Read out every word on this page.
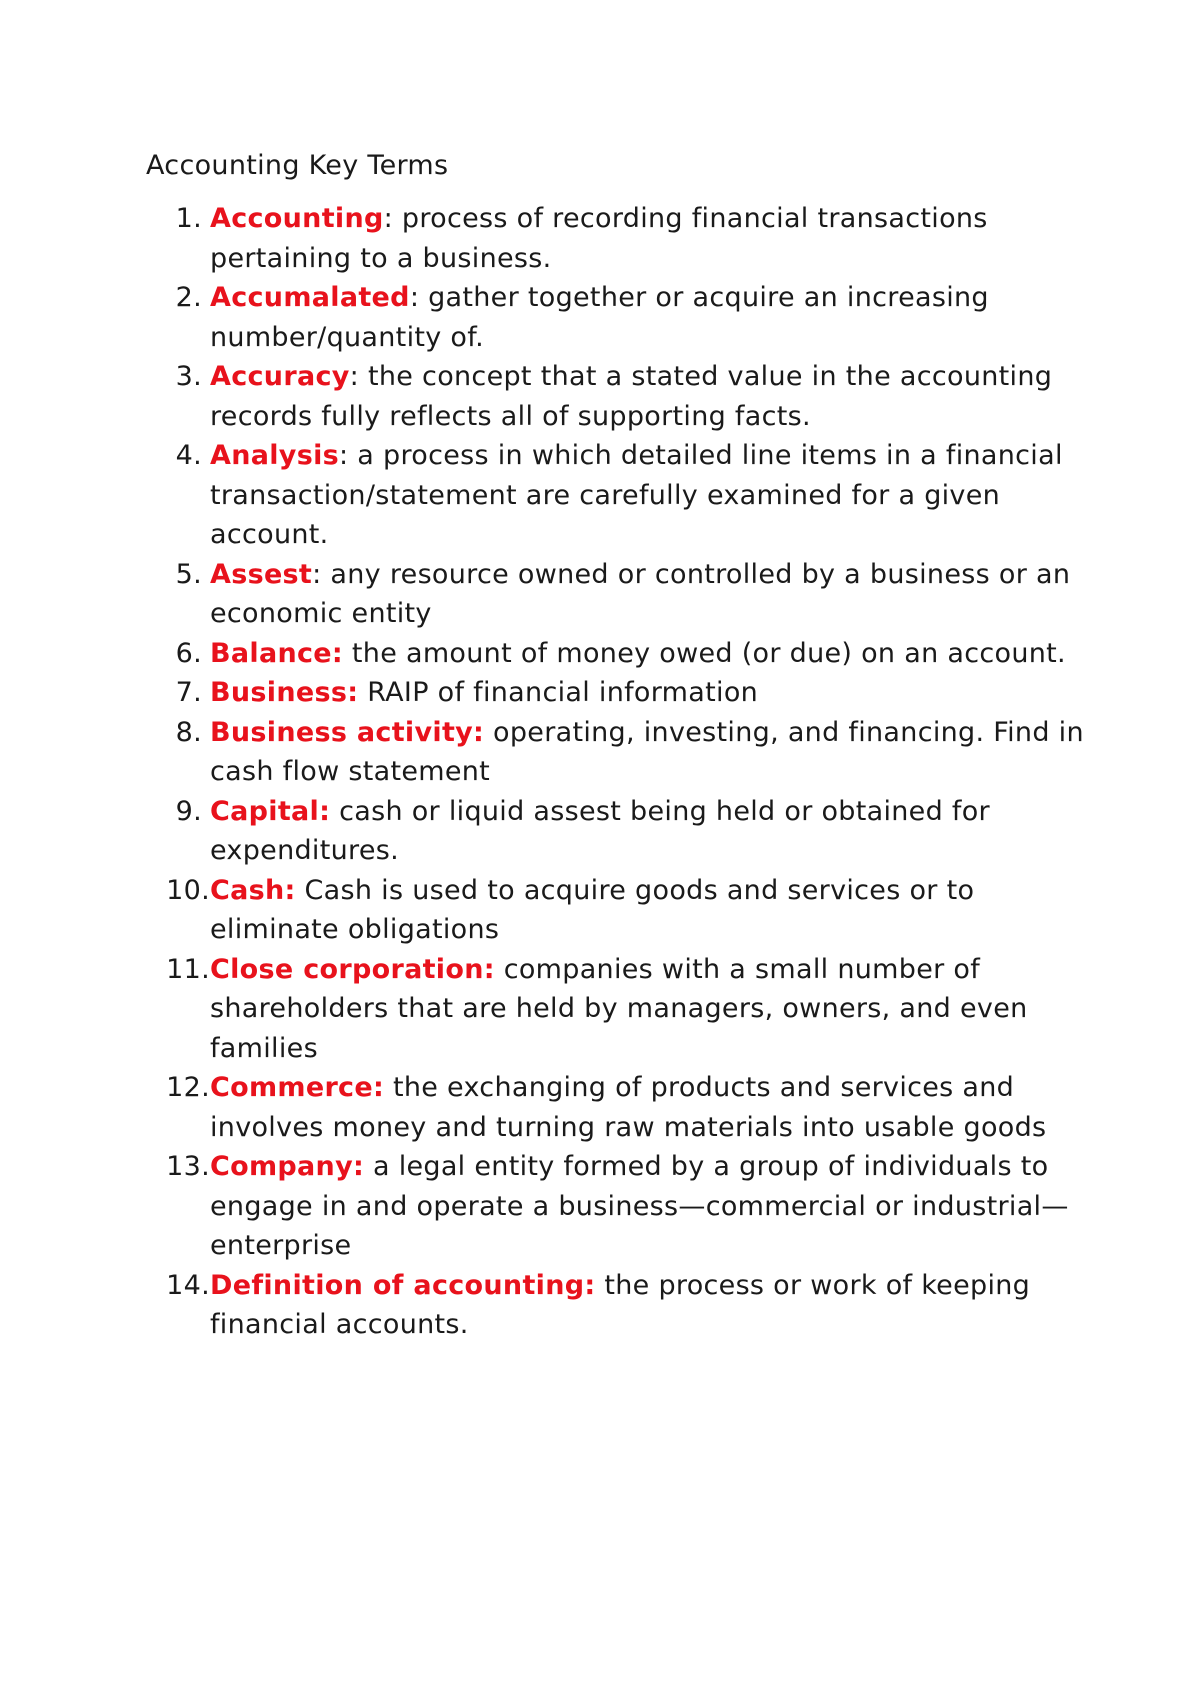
Accounting Key Terms
1. Accounting: process of recording financial transactions pertaining to a business.
2. Accumalated: gather together or acquire an increasing number/quantity of.
3. Accuracy: the concept that a stated value in the accounting records fully reflects all of supporting facts.
4. Analysis: a process in which detailed line items in a financial transaction/statement are carefully examined for a given account.
5. Assest: any resource owned or controlled by a business or an economic entity
6. Balance: the amount of money owed (or due) on an account.
7. Business: RAIP of financial information
8. Business activity: operating, investing, and financing. Find in cash flow statement
9. Capital: cash or liquid assest being held or obtained for expenditures.
10. Cash: Cash is used to acquire goods and services or to eliminate obligations
11. Close corporation: companies with a small number of shareholders that are held by managers, owners, and even families
12. Commerce: the exchanging of products and services and involves money and turning raw materials into usable goods
13. Company: a legal entity formed by a group of individuals to engage in and operate a business—commercial or industrial—enterprise
14. Definition of accounting: the process or work of keeping financial accounts.
